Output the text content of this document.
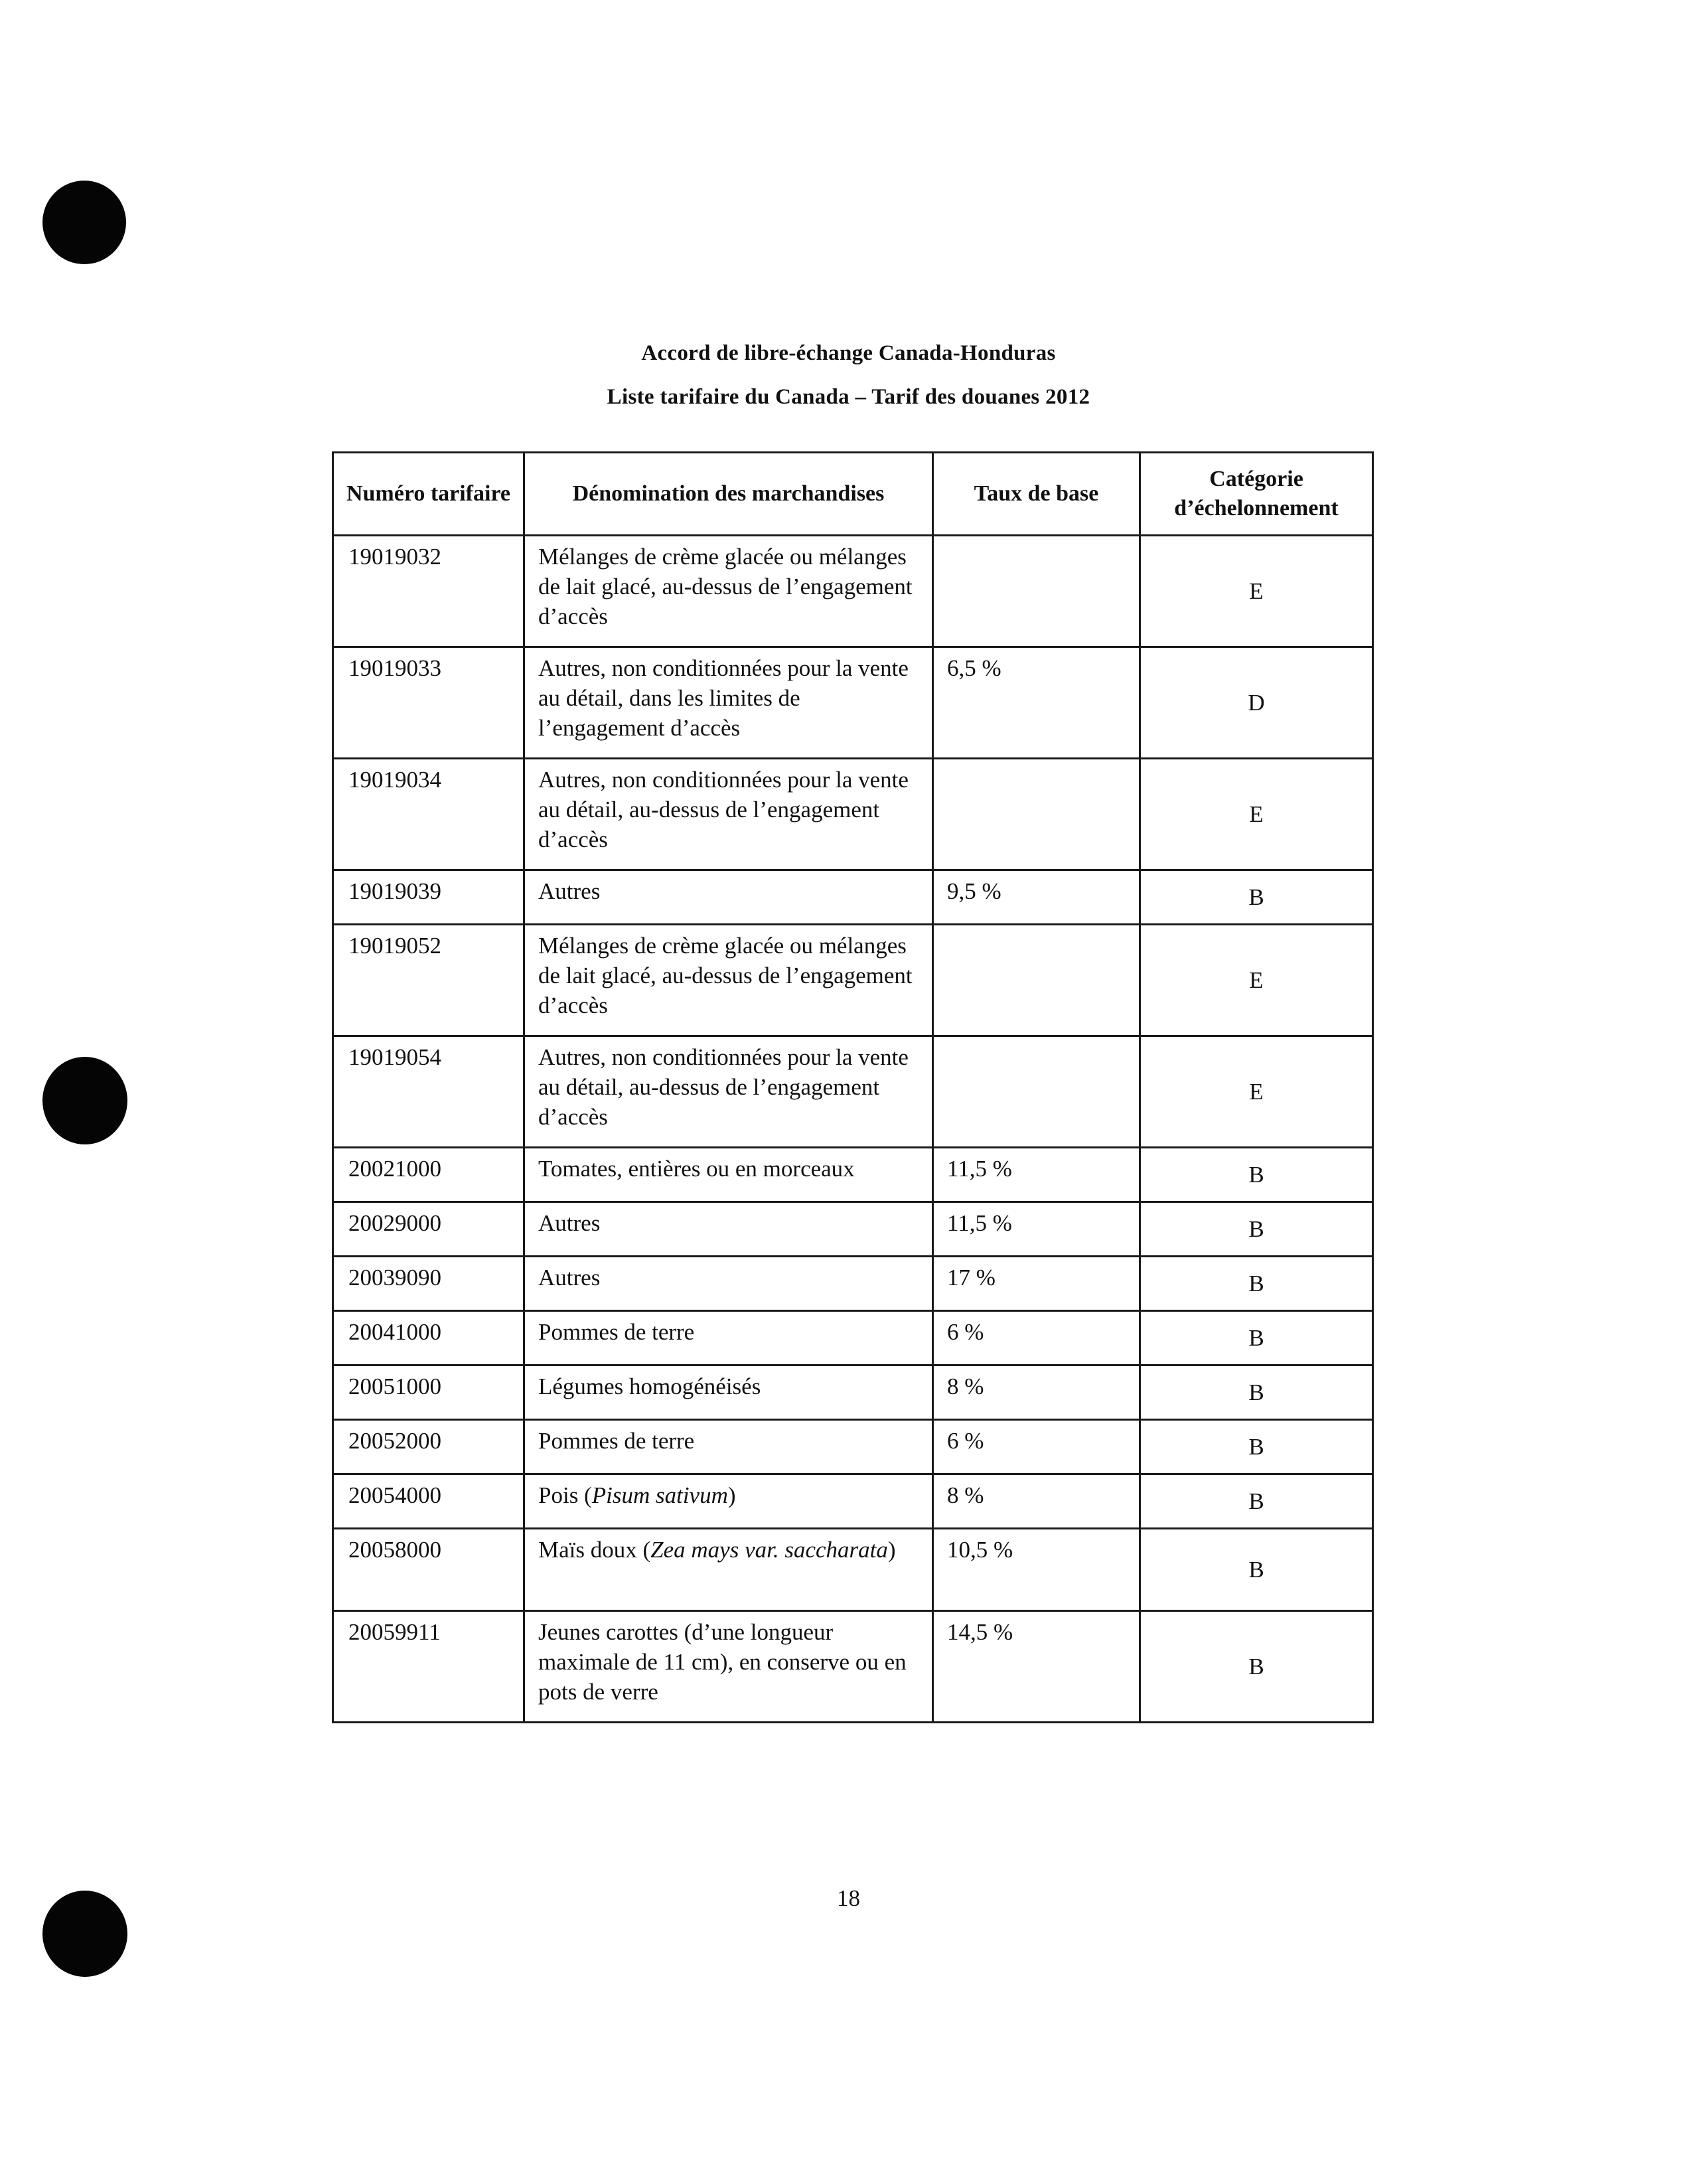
Accord de libre-échange Canada-Honduras
Liste tarifaire du Canada – Tarif des douanes 2012
Numéro tarifaire	Dénomination des marchandises	Taux de base	Catégorie d’échelonnement
19019032	Mélanges de crème glacée ou mélanges de lait glacé, au-dessus de l’engagement d’accès		E
19019033	Autres, non conditionnées pour la vente au détail, dans les limites de l’engagement d’accès	6,5 %	D
19019034	Autres, non conditionnées pour la vente au détail, au-dessus de l’engagement d’accès		E
19019039	Autres	9,5 %	B
19019052	Mélanges de crème glacée ou mélanges de lait glacé, au-dessus de l’engagement d’accès		E
19019054	Autres, non conditionnées pour la vente au détail, au-dessus de l’engagement d’accès		E
20021000	Tomates, entières ou en morceaux	11,5 %	B
20029000	Autres	11,5 %	B
20039090	Autres	17 %	B
20041000	Pommes de terre	6 %	B
20051000	Légumes homogénéisés	8 %	B
20052000	Pommes de terre	6 %	B
20054000	Pois (Pisum sativum)	8 %	B
20058000	Maïs doux (Zea mays var. saccharata)	10,5 %	B
20059911	Jeunes carottes (d’une longueur maximale de 11 cm), en conserve ou en pots de verre	14,5 %	B
18
